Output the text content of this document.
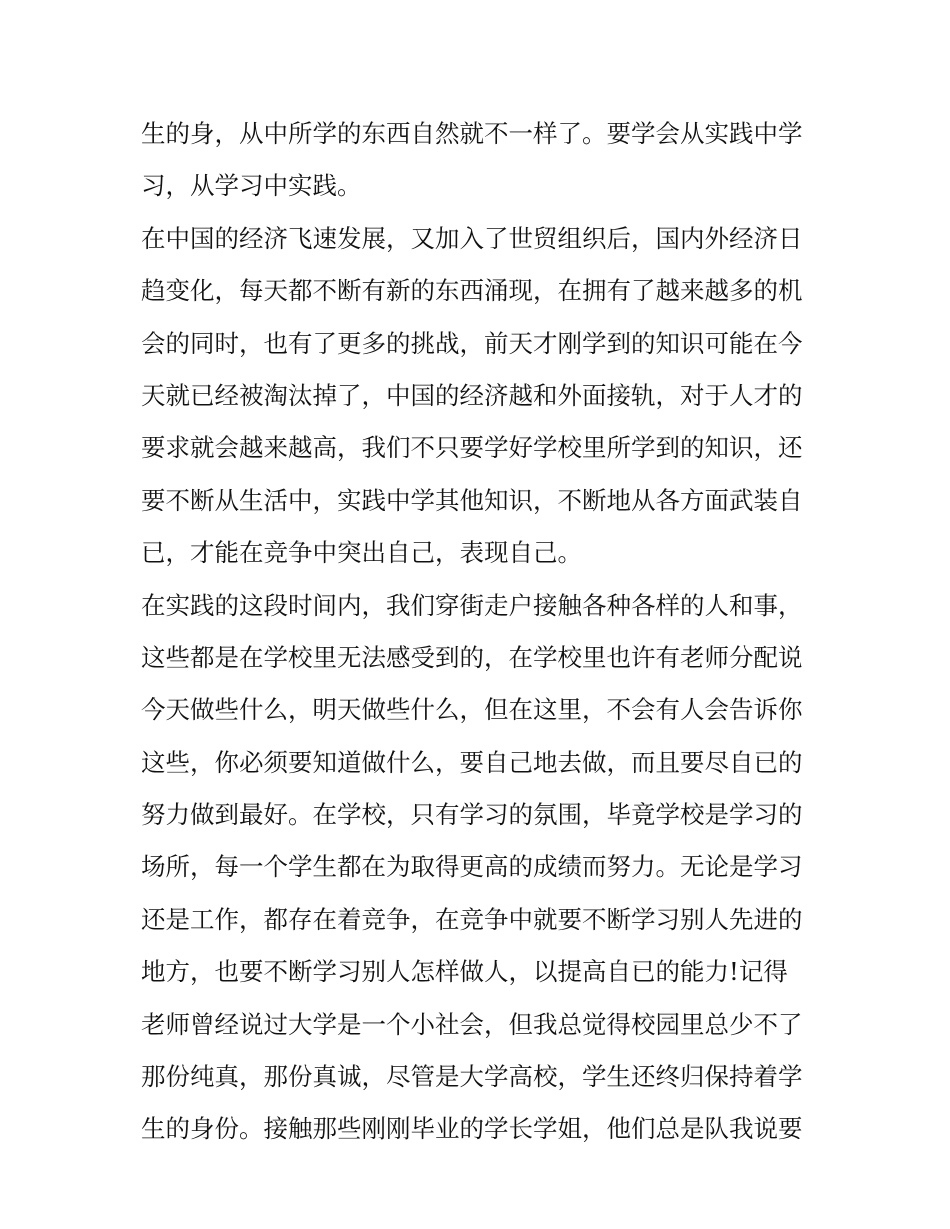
生的身，从中所学的东西自然就不一样了。要学会从实践中学
习，从学习中实践。
在中国的经济飞速发展，又加入了世贸组织后，国内外经济日
趋变化，每天都不断有新的东西涌现，在拥有了越来越多的机
会的同时，也有了更多的挑战，前天才刚学到的知识可能在今
天就已经被淘汰掉了，中国的经济越和外面接轨，对于人才的
要求就会越来越高，我们不只要学好学校里所学到的知识，还
要不断从生活中，实践中学其他知识，不断地从各方面武装自
已，才能在竞争中突出自己，表现自己。
在实践的这段时间内，我们穿街走户接触各种各样的人和事，
这些都是在学校里无法感受到的，在学校里也许有老师分配说
今天做些什么，明天做些什么，但在这里，不会有人会告诉你
这些，你必须要知道做什么，要自己地去做，而且要尽自已的
努力做到最好。在学校，只有学习的氛围，毕竟学校是学习的
场所，每一个学生都在为取得更高的成绩而努力。无论是学习
还是工作，都存在着竞争，在竞争中就要不断学习别人先进的
地方，也要不断学习别人怎样做人，以提高自已的能力!记得
老师曾经说过大学是一个小社会，但我总觉得校园里总少不了
那份纯真，那份真诚，尽管是大学高校，学生还终归保持着学
生的身份。接触那些刚刚毕业的学长学姐，他们总是队我说要
